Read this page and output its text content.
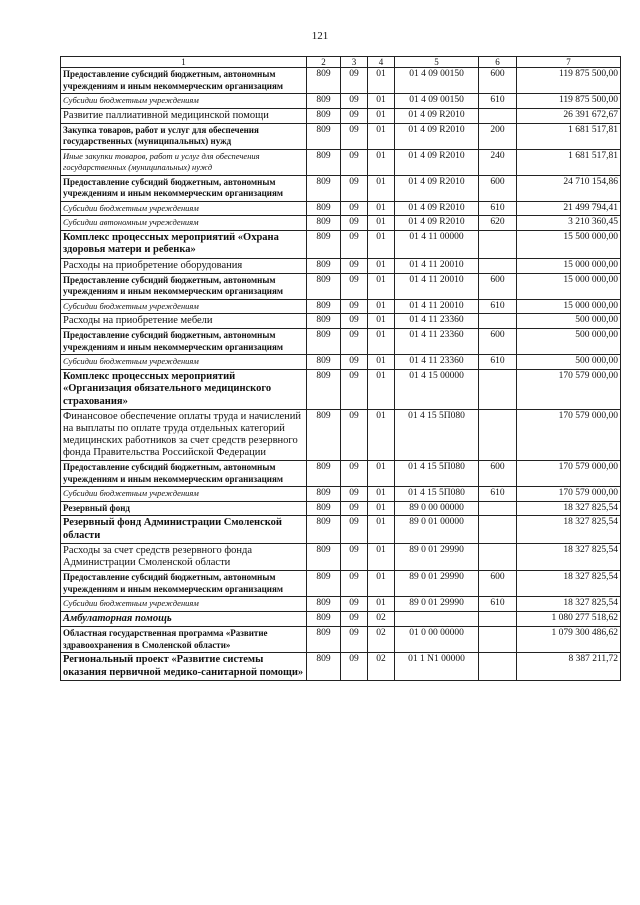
121
1	2	3	4	5	6	7
Предоставление субсидий бюджетным, автономным учреждениям и иным некоммерческим организациям	809	09	01	01 4 09 00150	600	119 875 500,00
Субсидии бюджетным учреждениям	809	09	01	01 4 09 00150	610	119 875 500,00
Развитие паллиативной медицинской помощи	809	09	01	01 4 09 R2010		26 391 672,67
Закупка товаров, работ и услуг для обеспечения государственных (муниципальных) нужд	809	09	01	01 4 09 R2010	200	1 681 517,81
Иные закупки товаров, работ и услуг для обеспечения государственных (муниципальных) нужд	809	09	01	01 4 09 R2010	240	1 681 517,81
Предоставление субсидий бюджетным, автономным учреждениям и иным некоммерческим организациям	809	09	01	01 4 09 R2010	600	24 710 154,86
Субсидии бюджетным учреждениям	809	09	01	01 4 09 R2010	610	21 499 794,41
Субсидии автономным учреждениям	809	09	01	01 4 09 R2010	620	3 210 360,45
Комплекс процессных мероприятий «Охрана здоровья матери и ребенка»	809	09	01	01 4 11 00000		15 500 000,00
Расходы на приобретение оборудования	809	09	01	01 4 11 20010		15 000 000,00
Предоставление субсидий бюджетным, автономным учреждениям и иным некоммерческим организациям	809	09	01	01 4 11 20010	600	15 000 000,00
Субсидии бюджетным учреждениям	809	09	01	01 4 11 20010	610	15 000 000,00
Расходы на приобретение мебели	809	09	01	01 4 11 23360		500 000,00
Предоставление субсидий бюджетным, автономным учреждениям и иным некоммерческим организациям	809	09	01	01 4 11 23360	600	500 000,00
Субсидии бюджетным учреждениям	809	09	01	01 4 11 23360	610	500 000,00
Комплекс процессных мероприятий «Организация обязательного медицинского страхования»	809	09	01	01 4 15 00000		170 579 000,00
Финансовое обеспечение оплаты труда и начислений на выплаты по оплате труда отдельных категорий медицинских работников за счет средств резервного фонда Правительства Российской Федерации	809	09	01	01 4 15 5П080		170 579 000,00
Предоставление субсидий бюджетным, автономным учреждениям и иным некоммерческим организациям	809	09	01	01 4 15 5П080	600	170 579 000,00
Субсидии бюджетным учреждениям	809	09	01	01 4 15 5П080	610	170 579 000,00
Резервный фонд	809	09	01	89 0 00 00000		18 327 825,54
Резервный фонд Администрации Смоленской области	809	09	01	89 0 01 00000		18 327 825,54
Расходы за счет средств резервного фонда Администрации Смоленской области	809	09	01	89 0 01 29990		18 327 825,54
Предоставление субсидий бюджетным, автономным учреждениям и иным некоммерческим организациям	809	09	01	89 0 01 29990	600	18 327 825,54
Субсидии бюджетным учреждениям	809	09	01	89 0 01 29990	610	18 327 825,54
Амбулаторная помощь	809	09	02			1 080 277 518,62
Областная государственная программа «Развитие здравоохранения в Смоленской области»	809	09	02	01 0 00 00000		1 079 300 486,62
Региональный проект «Развитие системы оказания первичной медико-санитарной помощи»	809	09	02	01 1 N1 00000		8 387 211,72
